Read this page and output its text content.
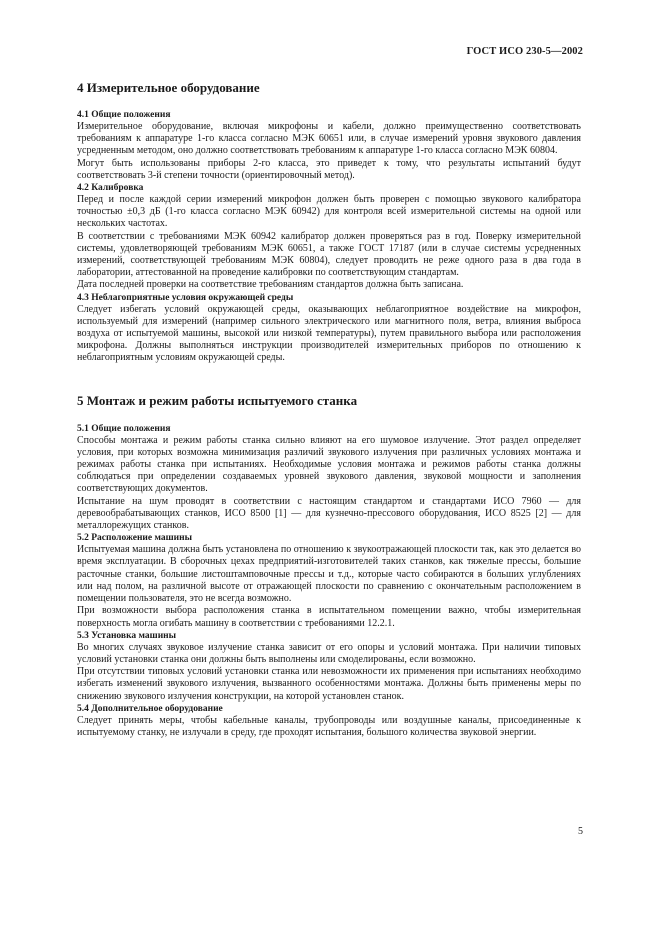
ГОСТ ИСО 230-5—2002
4 Измерительное оборудование
4.1 Общие положения

Измерительное оборудование, включая микрофоны и кабели, должно преимущественно соответствовать требованиям к аппаратуре 1-го класса согласно МЭК 60651 или, в случае измерений уровня звукового давления усредненным методом, оно должно соответствовать требованиям к аппаратуре 1-го класса согласно МЭК 60804.

Могут быть использованы приборы 2-го класса, это приведет к тому, что результаты испытаний будут соответствовать 3-й степени точности (ориентировочный метод).

4.2 Калибровка

Перед и после каждой серии измерений микрофон должен быть проверен с помощью звукового калибратора точностью ±0,3 дБ (1-го класса согласно МЭК 60942) для контроля всей измерительной системы на одной или нескольких частотах.

В соответствии с требованиями МЭК 60942 калибратор должен проверяться раз в год. Поверку измерительной системы, удовлетворяющей требованиям МЭК 60651, а также ГОСТ 17187 (или в случае системы усредненных измерений, соответствующей требованиям МЭК 60804), следует проводить не реже одного раза в два года в лаборатории, аттестованной на проведение калибровки по соответствующим стандартам.

Дата последней проверки на соответствие требованиям стандартов должна быть записана.

4.3 Неблагоприятные условия окружающей среды

Следует избегать условий окружающей среды, оказывающих неблагоприятное воздействие на микрофон, используемый для измерений (например сильного электрического или магнитного поля, ветра, влияния выброса воздуха от испытуемой машины, высокой или низкой температуры), путем правильного выбора или расположения микрофона. Должны выполняться инструкции производителей измерительных приборов по отношению к неблагоприятным условиям окружающей среды.

5 Монтаж и режим работы испытуемого станка
5.1 Общие положения

Способы монтажа и режим работы станка сильно влияют на его шумовое излучение. Этот раздел определяет условия, при которых возможна минимизация различий звукового излучения при различных условиях монтажа и режимах работы станка при испытаниях. Необходимые условия монтажа и режимов работы станка должны соблюдаться при определении создаваемых уровней звукового давления, звуковой мощности и заполнения соответствующих документов.

Испытание на шум проводят в соответствии с настоящим стандартом и стандартами ИСО 7960 — для деревообрабатывающих станков, ИСО 8500 [1] — для кузнечно-прессового оборудования, ИСО 8525 [2] — для металлорежущих станков.

5.2 Расположение машины

Испытуемая машина должна быть установлена по отношению к звукоотражающей плоскости так, как это делается во время эксплуатации. В сборочных цехах предприятий-изготовителей таких станков, как тяжелые прессы, большие расточные станки, большие листоштамповочные прессы и т.д., которые часто собираются в больших углублениях или над полом, на различной высоте от отражающей плоскости по сравнению с окончательным расположением в помещении пользователя, это не всегда возможно.

При возможности выбора расположения станка в испытательном помещении важно, чтобы измерительная поверхность могла огибать машину в соответствии с требованиями 12.2.1.

5.3 Установка машины

Во многих случаях звуковое излучение станка зависит от его опоры и условий монтажа. При наличии типовых условий установки станка они должны быть выполнены или смоделированы, если возможно.

При отсутствии типовых условий установки станка или невозможности их применения при испытаниях необходимо избегать изменений звукового излучения, вызванного особенностями монтажа. Должны быть применены меры по снижению звукового излучения конструкции, на которой установлен станок.

5.4 Дополнительное оборудование

Следует принять меры, чтобы кабельные каналы, трубопроводы или воздушные каналы, присоединенные к испытуемому станку, не излучали в среду, где проходят испытания, большого количества звуковой энергии.

5
